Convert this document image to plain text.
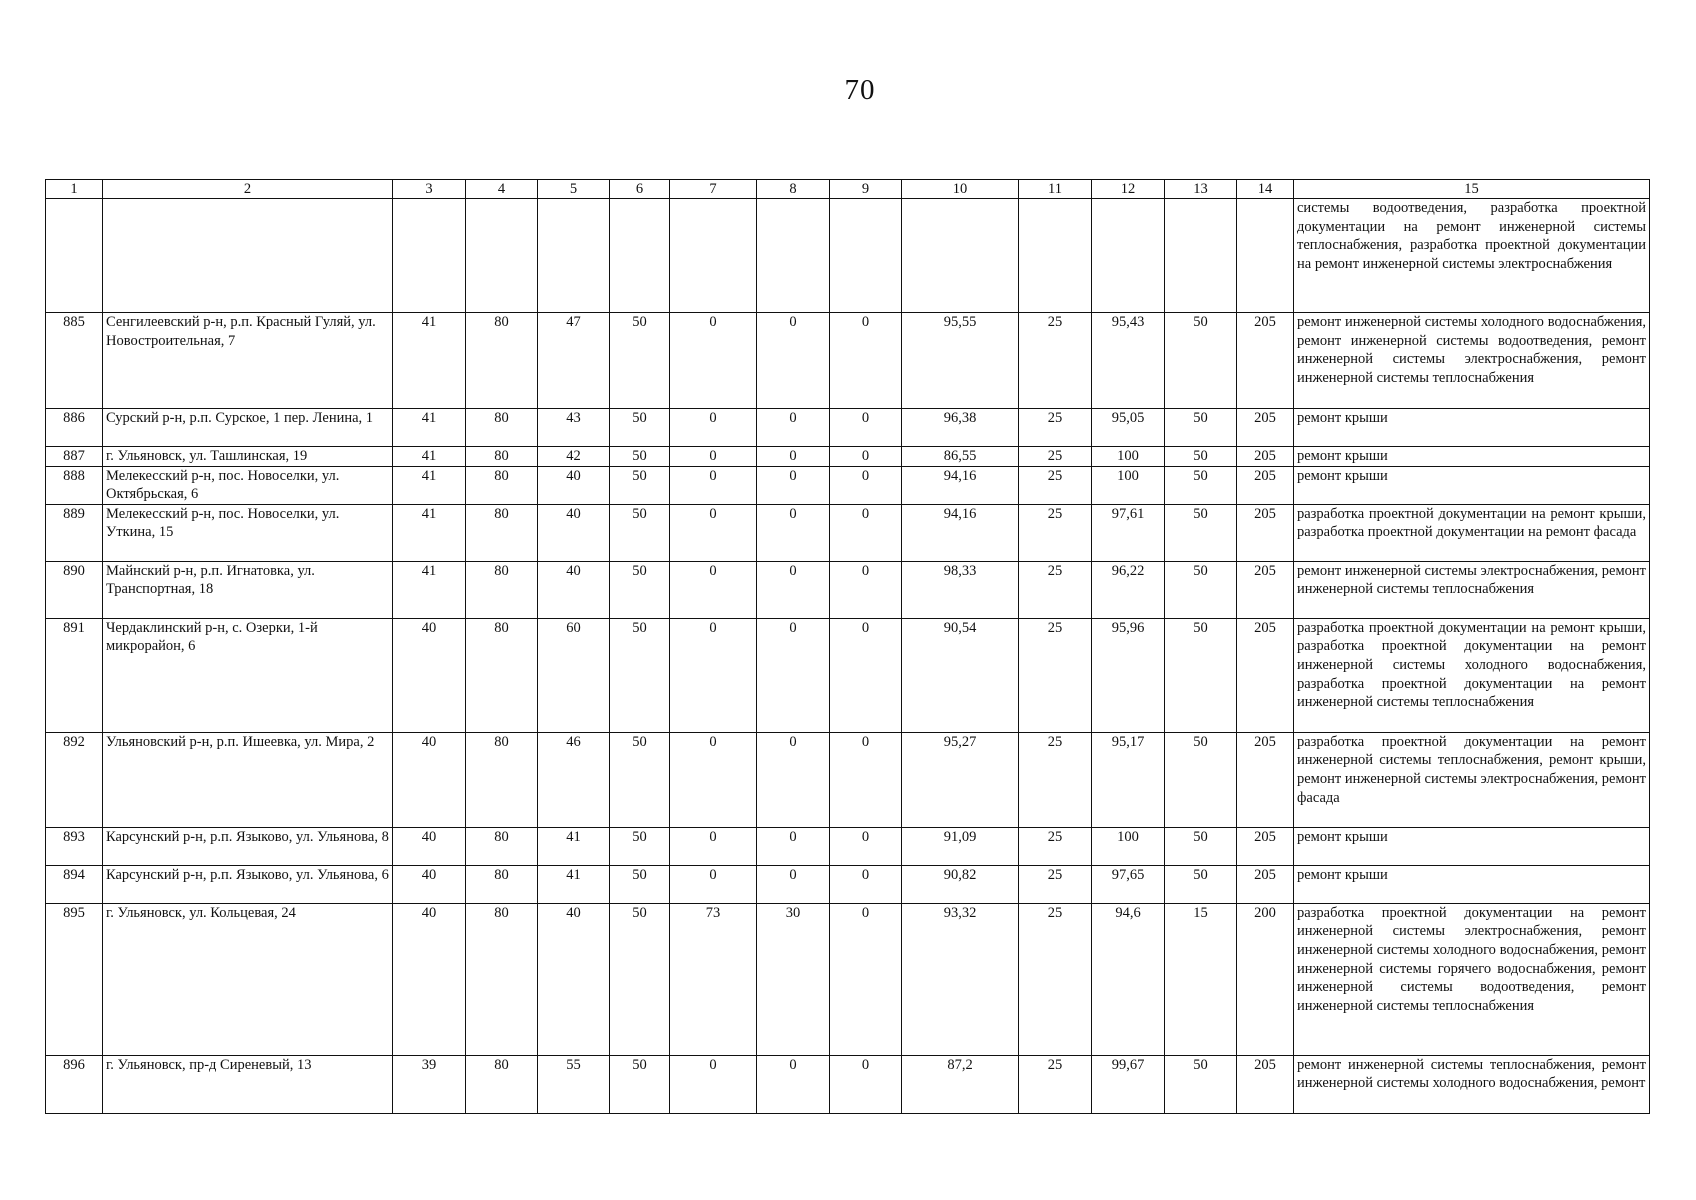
70
1	2	3	4	5	6	7	8	9	10	11	12	13	14	15
														системы водоотведения, разработка проектной документации на ремонт инженерной системы теплоснабжения, разработка проектной документации на ремонт инженерной системы электроснабжения
885	Сенгилеевский р-н, р.п. Красный Гуляй, ул. Новостроительная, 7	41	80	47	50	0	0	0	95,55	25	95,43	50	205	ремонт инженерной системы холодного водоснабжения, ремонт инженерной системы водоотведения, ремонт инженерной системы электроснабжения, ремонт инженерной системы теплоснабжения
886	Сурский р-н, р.п. Сурское, 1 пер. Ленина, 1	41	80	43	50	0	0	0	96,38	25	95,05	50	205	ремонт крыши
887	г. Ульяновск, ул. Ташлинская, 19	41	80	42	50	0	0	0	86,55	25	100	50	205	ремонт крыши
888	Мелекесский р-н, пос. Новоселки, ул. Октябрьская, 6	41	80	40	50	0	0	0	94,16	25	100	50	205	ремонт крыши
889	Мелекесский р-н, пос. Новоселки, ул. Уткина, 15	41	80	40	50	0	0	0	94,16	25	97,61	50	205	разработка проектной документации на ремонт крыши, разработка проектной документации на ремонт фасада
890	Майнский р-н, р.п. Игнатовка, ул. Транспортная, 18	41	80	40	50	0	0	0	98,33	25	96,22	50	205	ремонт инженерной системы электроснабжения, ремонт инженерной системы теплоснабжения
891	Чердаклинский р-н, с. Озерки, 1-й микрорайон, 6	40	80	60	50	0	0	0	90,54	25	95,96	50	205	разработка проектной документации на ремонт крыши, разработка проектной документации на ремонт инженерной системы холодного водоснабжения, разработка проектной документации на ремонт инженерной системы теплоснабжения
892	Ульяновский р-н, р.п. Ишеевка, ул. Мира, 2	40	80	46	50	0	0	0	95,27	25	95,17	50	205	разработка проектной документации на ремонт инженерной системы теплоснабжения, ремонт крыши, ремонт инженерной системы электроснабжения, ремонт фасада
893	Карсунский р-н, р.п. Языково, ул. Ульянова, 8	40	80	41	50	0	0	0	91,09	25	100	50	205	ремонт крыши
894	Карсунский р-н, р.п. Языково, ул. Ульянова, 6	40	80	41	50	0	0	0	90,82	25	97,65	50	205	ремонт крыши
895	г. Ульяновск, ул. Кольцевая, 24	40	80	40	50	73	30	0	93,32	25	94,6	15	200	разработка проектной документации на ремонт инженерной системы электроснабжения, ремонт инженерной системы холодного водоснабжения, ремонт инженерной системы горячего водоснабжения, ремонт инженерной системы водоотведения, ремонт инженерной системы теплоснабжения
896	г. Ульяновск, пр-д Сиреневый, 13	39	80	55	50	0	0	0	87,2	25	99,67	50	205	ремонт инженерной системы теплоснабжения, ремонт инженерной системы холодного водоснабжения, ремонт
